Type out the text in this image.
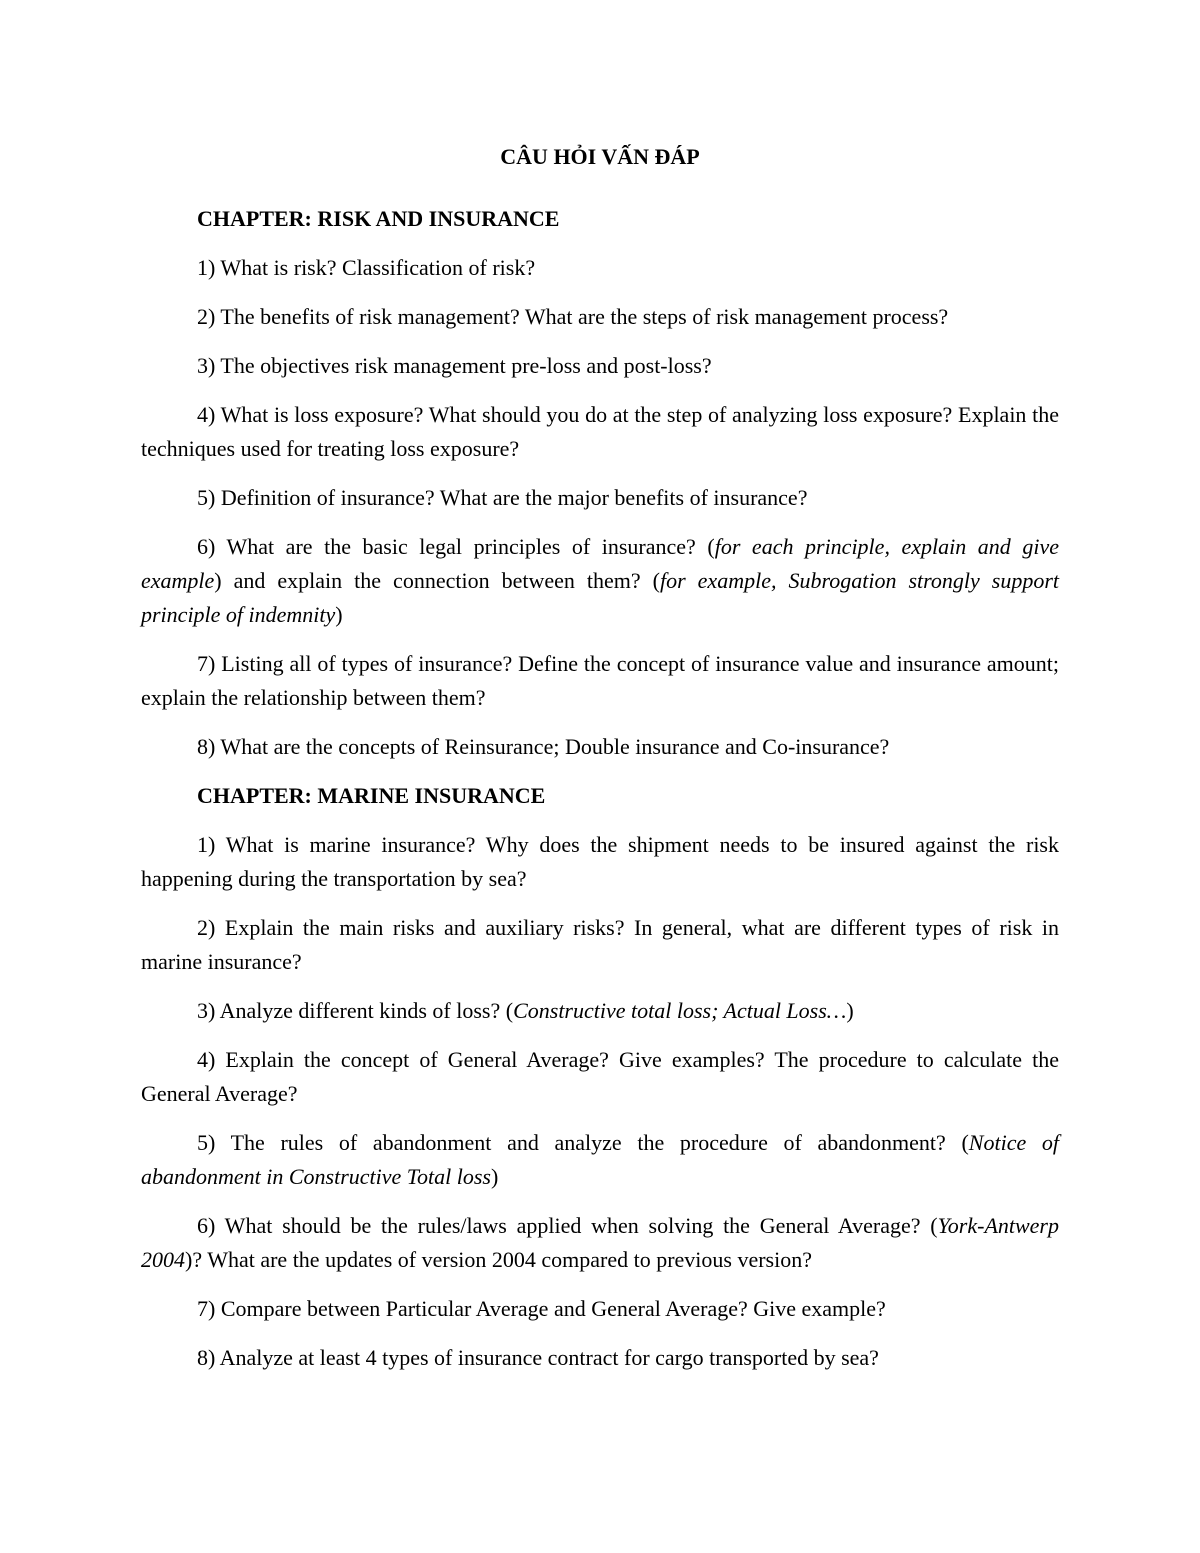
CÂU HỎI VẤN ĐÁP
CHAPTER: RISK AND INSURANCE

1) What is risk? Classification of risk?

2) The benefits of risk management? What are the steps of risk management process?

3) The objectives risk management pre-loss and post-loss?

4) What is loss exposure? What should you do at the step of analyzing loss exposure? Explain the techniques used for treating loss exposure?

5) Definition of insurance? What are the major benefits of insurance?

6) What are the basic legal principles of insurance? (for each principle, explain and give example) and explain the connection between them? (for example, Subrogation strongly support principle of indemnity)

7) Listing all of types of insurance? Define the concept of insurance value and insurance amount; explain the relationship between them?

8) What are the concepts of Reinsurance; Double insurance and Co-insurance?

CHAPTER: MARINE INSURANCE

1) What is marine insurance? Why does the shipment needs to be insured against the risk happening during the transportation by sea?

2) Explain the main risks and auxiliary risks? In general, what are different types of risk in marine insurance?

3) Analyze different kinds of loss? (Constructive total loss; Actual Loss…)

4) Explain the concept of General Average? Give examples? The procedure to calculate the General Average?

5) The rules of abandonment and analyze the procedure of abandonment? (Notice of abandonment in Constructive Total loss)

6) What should be the rules/laws applied when solving the General Average? (York-Antwerp 2004)? What are the updates of version 2004 compared to previous version?

7) Compare between Particular Average and General Average? Give example?

8) Analyze at least 4 types of insurance contract for cargo transported by sea?
